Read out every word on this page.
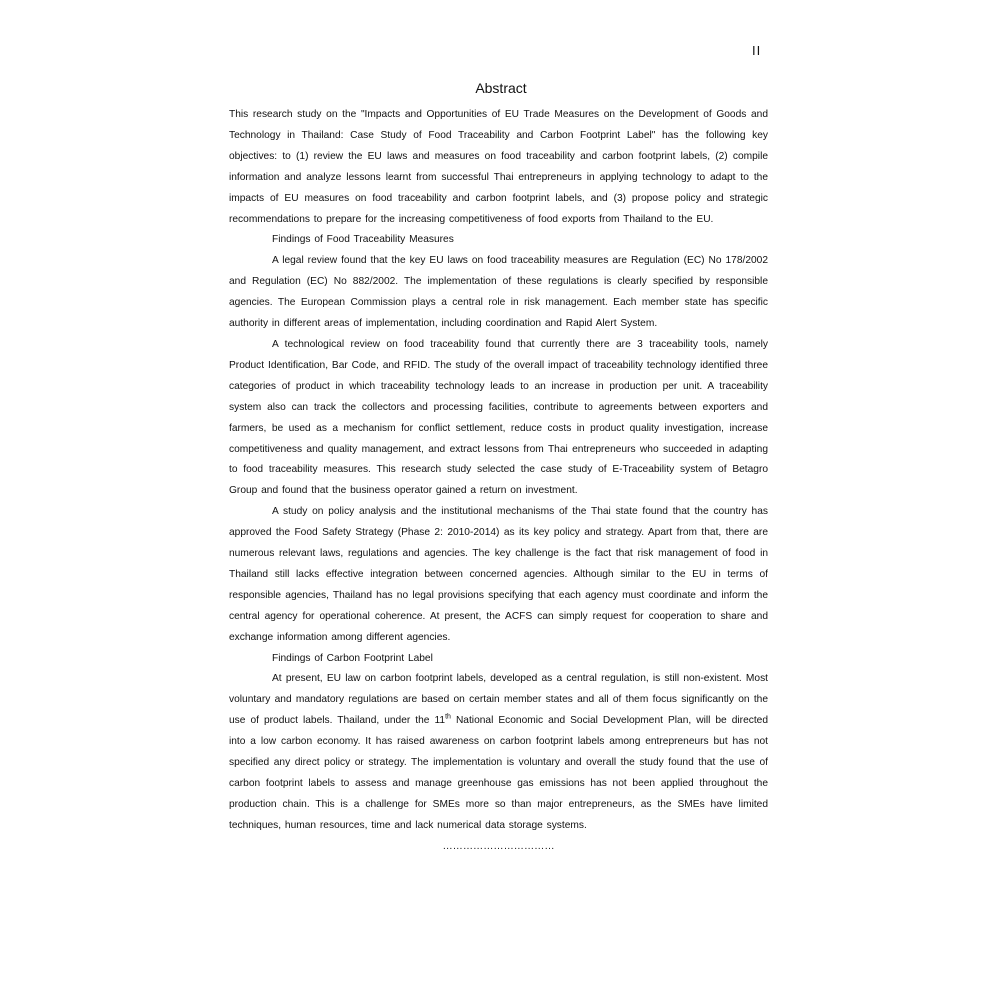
II
Abstract

This research study on the "Impacts and Opportunities of EU Trade Measures on the Development of Goods and Technology in Thailand: Case Study of Food Traceability and Carbon Footprint Label" has the following key objectives: to (1) review the EU laws and measures on food traceability and carbon footprint labels, (2) compile information and analyze lessons learnt from successful Thai entrepreneurs in applying technology to adapt to the impacts of EU measures on food traceability and carbon footprint labels, and (3) propose policy and strategic recommendations to prepare for the increasing competitiveness of food exports from Thailand to the EU.

Findings of Food Traceability Measures

A legal review found that the key EU laws on food traceability measures are Regulation (EC) No 178/2002 and Regulation (EC) No 882/2002. The implementation of these regulations is clearly specified by responsible agencies. The European Commission plays a central role in risk management. Each member state has specific authority in different areas of implementation, including coordination and Rapid Alert System.

A technological review on food traceability found that currently there are 3 traceability tools, namely Product Identification, Bar Code, and RFID. The study of the overall impact of traceability technology identified three categories of product in which traceability technology leads to an increase in production per unit. A traceability system also can track the collectors and processing facilities, contribute to agreements between exporters and farmers, be used as a mechanism for conflict settlement, reduce costs in product quality investigation, increase competitiveness and quality management, and extract lessons from Thai entrepreneurs who succeeded in adapting to food traceability measures. This research study selected the case study of E-Traceability system of Betagro Group and found that the business operator gained a return on investment.

A study on policy analysis and the institutional mechanisms of the Thai state found that the country has approved the Food Safety Strategy (Phase 2: 2010-2014) as its key policy and strategy. Apart from that, there are numerous relevant laws, regulations and agencies. The key challenge is the fact that risk management of food in Thailand still lacks effective integration between concerned agencies. Although similar to the EU in terms of responsible agencies, Thailand has no legal provisions specifying that each agency must coordinate and inform the central agency for operational coherence. At present, the ACFS can simply request for cooperation to share and exchange information among different agencies.

Findings of Carbon Footprint Label

At present, EU law on carbon footprint labels, developed as a central regulation, is still non-existent. Most voluntary and mandatory regulations are based on certain member states and all of them focus significantly on the use of product labels. Thailand, under the 11th National Economic and Social Development Plan, will be directed into a low carbon economy. It has raised awareness on carbon footprint labels among entrepreneurs but has not specified any direct policy or strategy. The implementation is voluntary and overall the study found that the use of carbon footprint labels to assess and manage greenhouse gas emissions has not been applied throughout the production chain. This is a challenge for SMEs more so than major entrepreneurs, as the SMEs have limited techniques, human resources, time and lack numerical data storage systems.

……………………………
